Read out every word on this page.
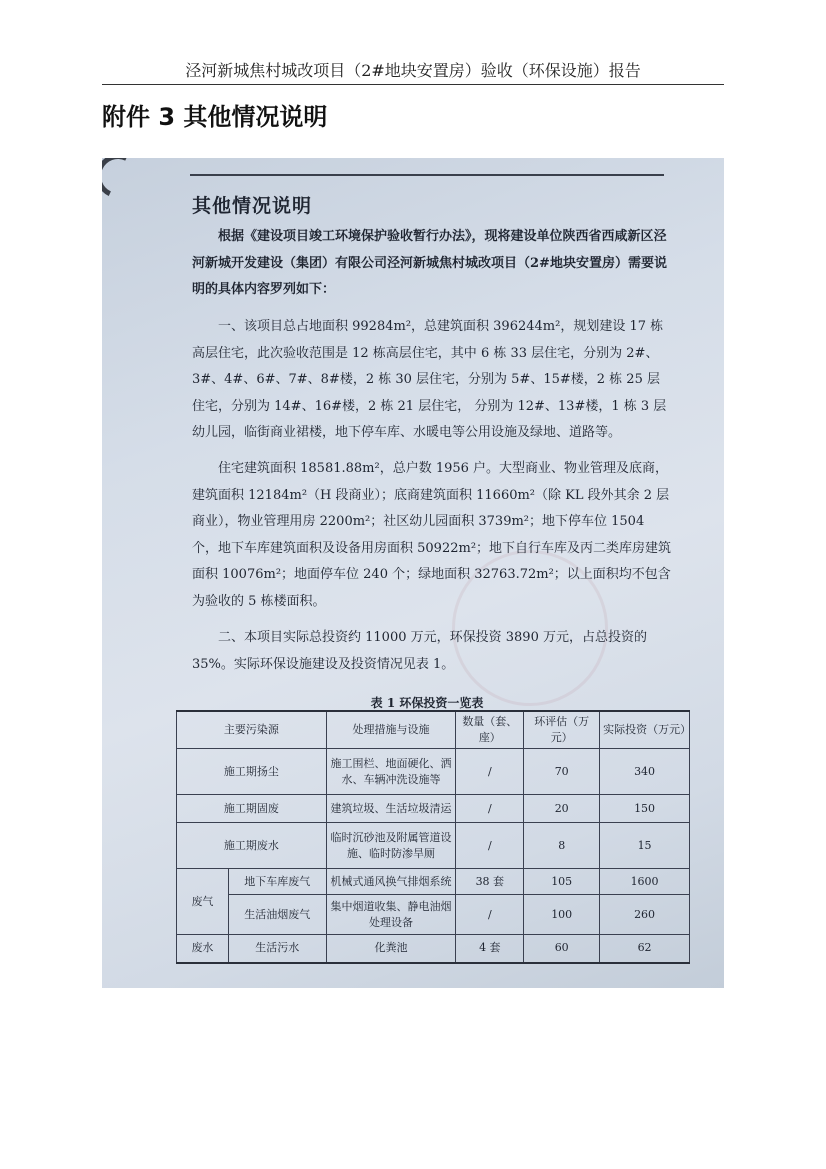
泾河新城焦村城改项目（2#地块安置房）验收（环保设施）报告
附件 3 其他情况说明
其他情况说明

根据《建设项目竣工环境保护验收暂行办法》，现将建设单位陕西省西咸新区泾河新城开发建设（集团）有限公司泾河新城焦村城改项目（2#地块安置房）需要说明的具体内容罗列如下：

一、该项目总占地面积 99284m²，总建筑面积 396244m²，规划建设 17 栋高层住宅，此次验收范围是 12 栋高层住宅，其中 6 栋 33 层住宅，分别为 2#、3#、4#、6#、7#、8#楼，2 栋 30 层住宅，分别为 5#、15#楼，2 栋 25 层住宅，分别为 14#、16#楼，2 栋 21 层住宅， 分别为 12#、13#楼，1 栋 3 层幼儿园，临街商业裙楼，地下停车库、水暖电等公用设施及绿地、道路等。

住宅建筑面积 18581.88m²，总户数 1956 户。大型商业、物业管理及底商，建筑面积 12184m²（H 段商业）；底商建筑面积 11660m²（除 KL 段外其余 2 层商业），物业管理用房 2200m²；社区幼儿园面积 3739m²；地下停车位 1504 个，地下车库建筑面积及设备用房面积 50922m²；地下自行车库及丙二类库房建筑面积 10076m²；地面停车位 240 个；绿地面积 32763.72m²；以上面积均不包含为验收的 5 栋楼面积。

二、本项目实际总投资约 11000 万元，环保投资 3890 万元，占总投资的 35%。实际环保设施建设及投资情况见表 1。

表 1 环保投资一览表
主要污染源		处理措施与设施	数量（套、座）	环评估（万元）	实际投资（万元）
施工期扬尘		施工围栏、地面硬化、洒水、车辆冲洗设施等	/	70	340
施工期固废		建筑垃圾、生活垃圾清运	/	20	150
施工期废水		临时沉砂池及附属管道设施、临时防渗旱厕	/	8	15
废气	地下车库废气	机械式通风换气排烟系统	38 套	105	1600
	生活油烟废气	集中烟道收集、静电油烟处理设备	/	100	260
废水	生活污水	化粪池	4 套	60	62
